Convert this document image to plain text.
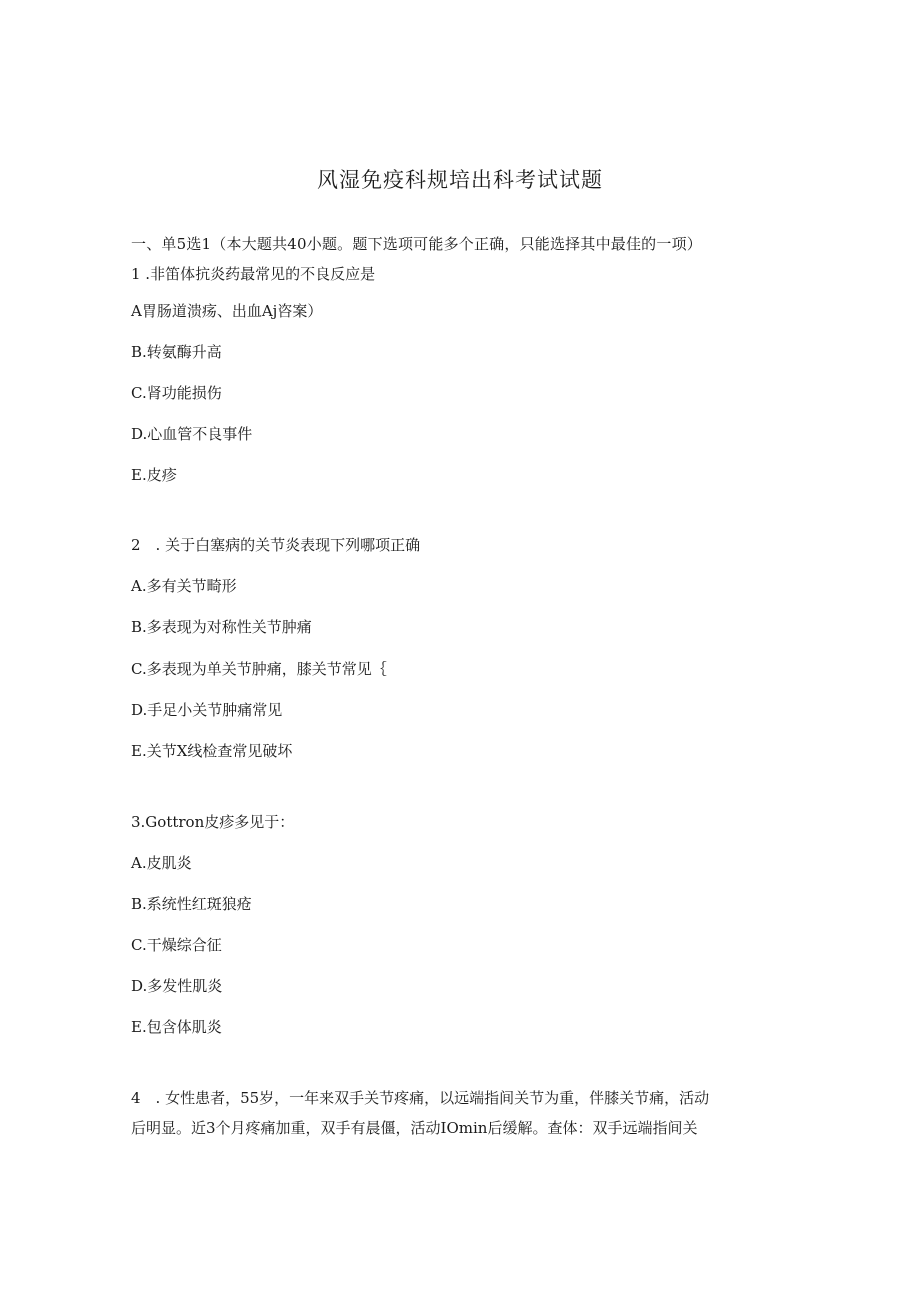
风湿免疫科规培出科考试试题
一、单5选1（本大题共40小题。题下选项可能多个正确，只能选择其中最佳的一项）
1 .非笛体抗炎药最常见的不良反应是
A胃肠道溃疡、出血Aj咨案）
B.转氨酶升高
C.肾功能损伤
D.心血管不良事件
E.皮疹
2　. 关于白塞病的关节炎表现下列哪项正确
A.多有关节畸形
B.多表现为对称性关节肿痛
C.多表现为单关节肿痛，膝关节常见｛
D.手足小关节肿痛常见
E.关节X线检查常见破坏
3.Gottron皮疹多见于：
A.皮肌炎
B.系统性红斑狼疮
C.干燥综合征
D.多发性肌炎
E.包含体肌炎
4　. 女性患者，55岁，一年来双手关节疼痛，以远端指间关节为重，伴膝关节痛，活动
后明显。近3个月疼痛加重，双手有晨僵，活动IOmin后缓解。查体：双手远端指间关
